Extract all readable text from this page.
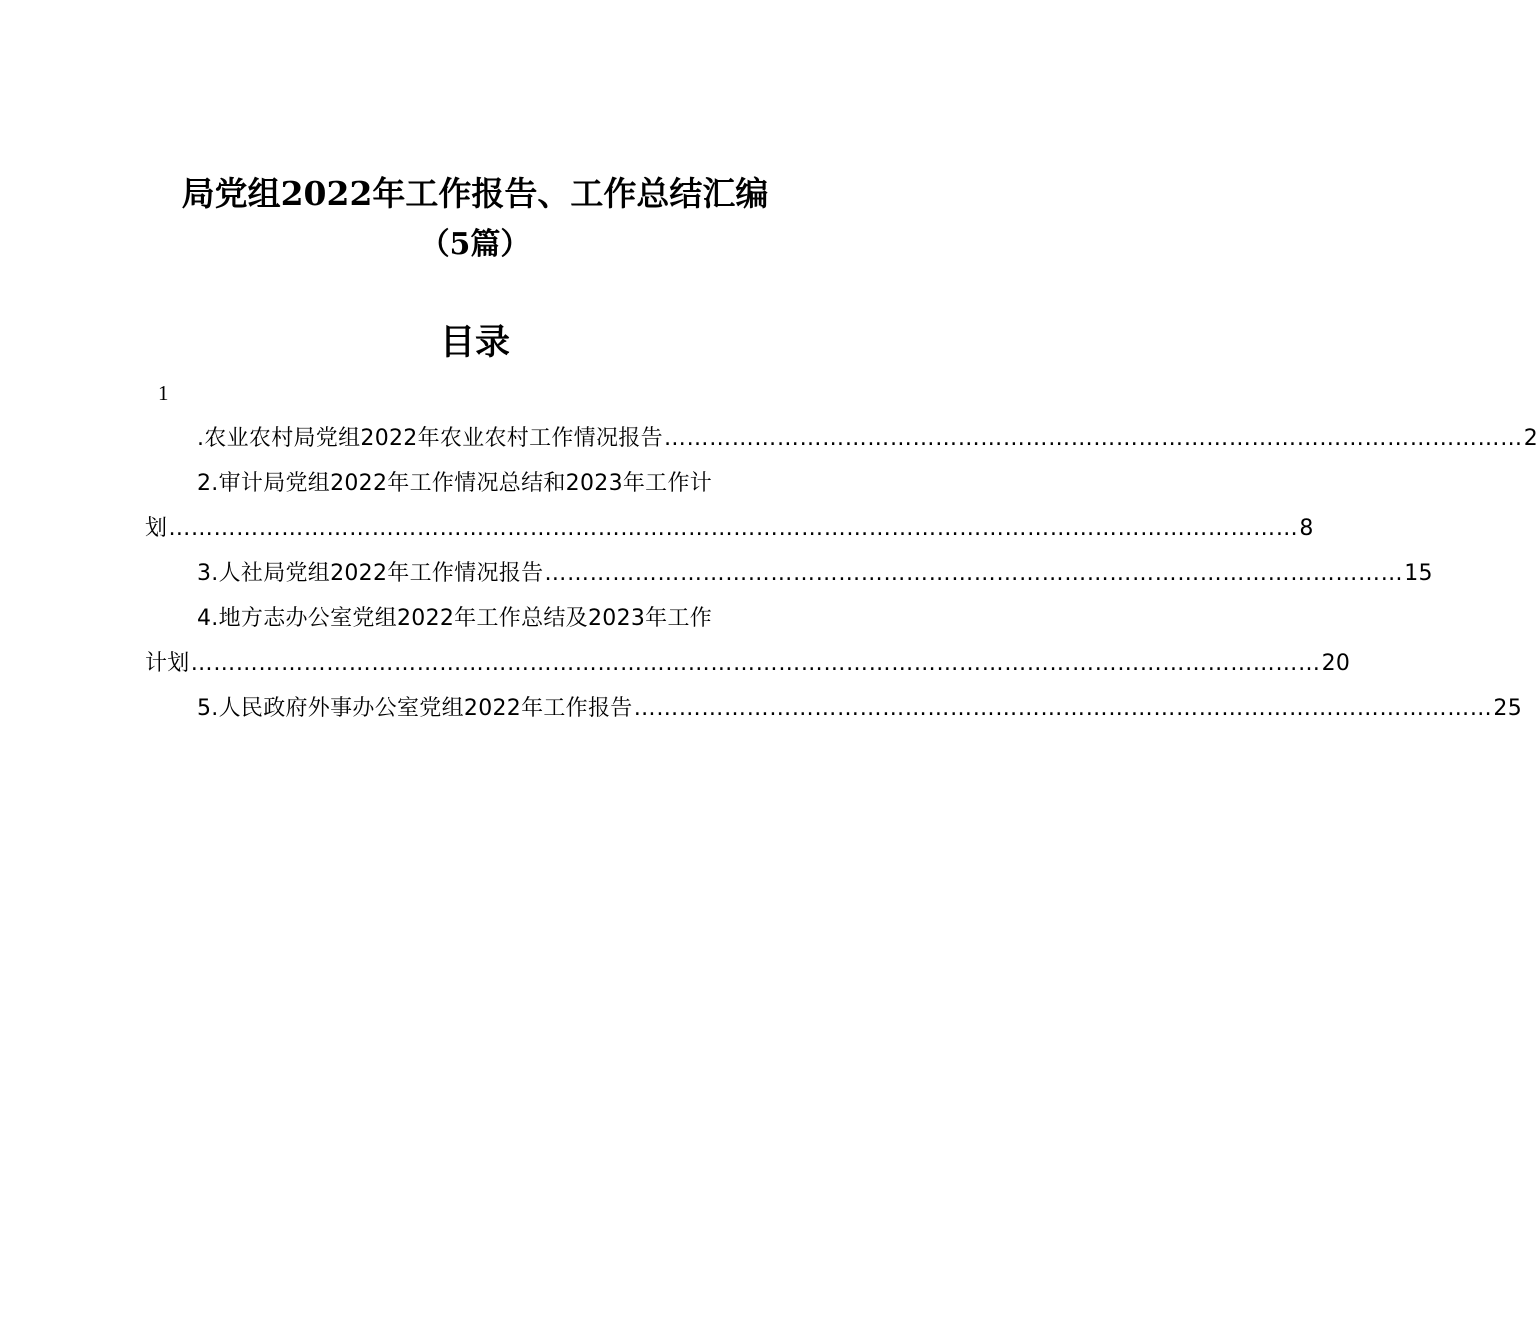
局党组2022年工作报告、工作总结汇编
（5篇）
目录
1
.农业农村局党组2022年农业农村工作情况报告 …………………………………………………………………………………………………… 2
2.审计局党组2022年工作情况总结和2023年工作计
划 …………………………………………………………………………………………………………………………………… 8
3.人社局党组2022年工作情况报告 …………………………………………………………………………………………………… 15
4.地方志办公室党组2022年工作总结及2023年工作
计划 …………………………………………………………………………………………………………………………………… 20
5.人民政府外事办公室党组2022年工作报告 …………………………………………………………………………………………………… 25
